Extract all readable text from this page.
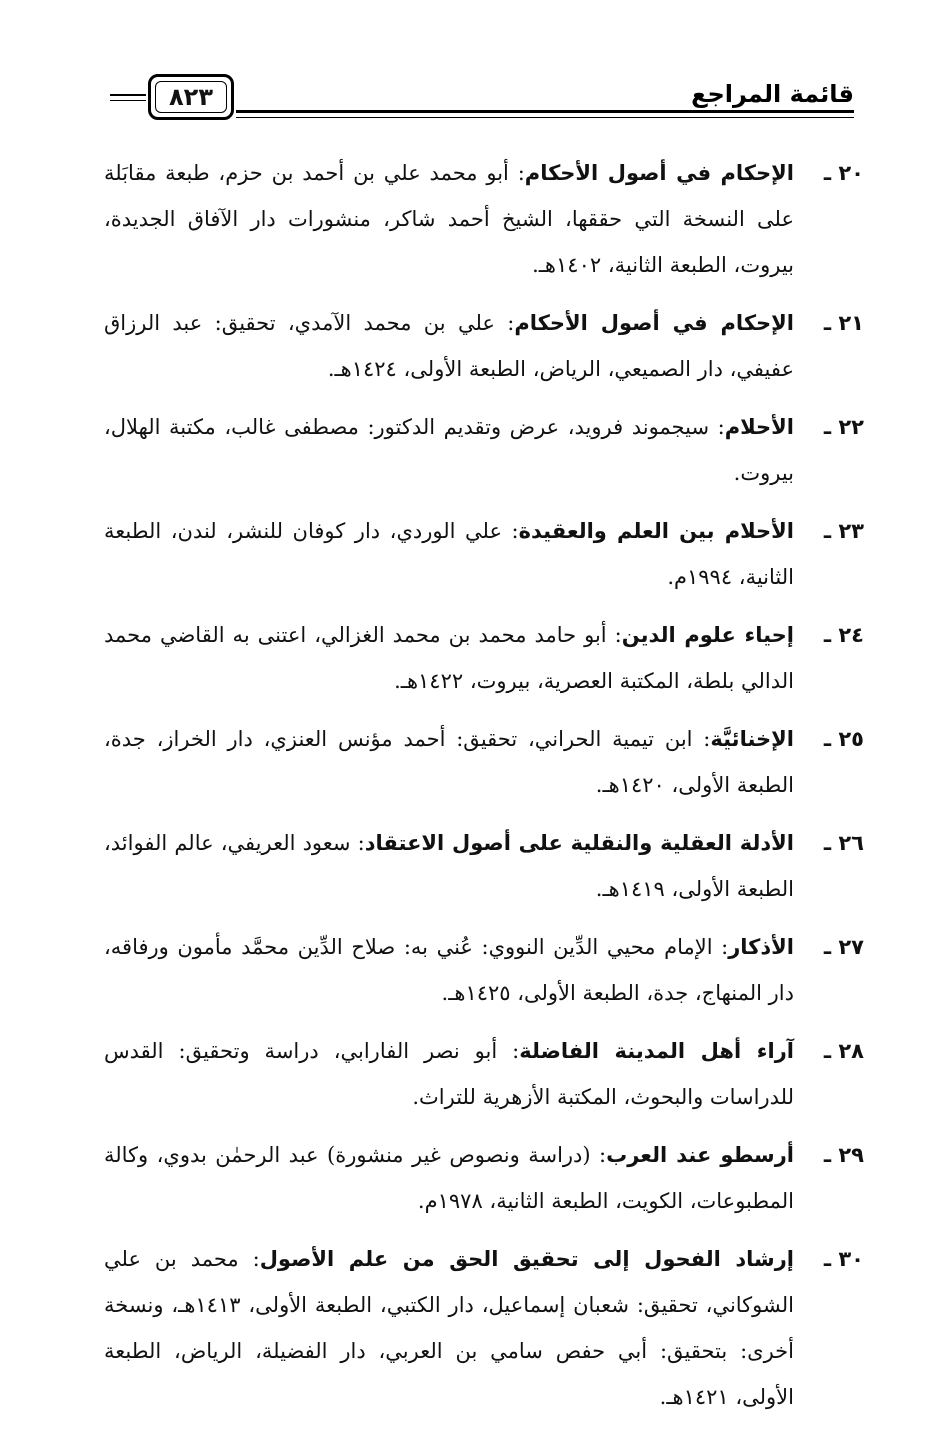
قائمة المراجع
٨٢٣
٢٠ ـ
الإحكام في أصول الأحكام: أبو محمد علي بن أحمد بن حزم، طبعة مقابَلة على النسخة التي حققها، الشيخ أحمد شاكر، منشورات دار الآفاق الجديدة، بيروت، الطبعة الثانية، ١٤٠٢هـ.
٢١ ـ
الإحكام في أصول الأحكام: علي بن محمد الآمدي، تحقيق: عبد الرزاق عفيفي، دار الصميعي، الرياض، الطبعة الأولى، ١٤٢٤هـ.
٢٢ ـ
الأحلام: سيجموند فرويد، عرض وتقديم الدكتور: مصطفى غالب، مكتبة الهلال، بيروت.
٢٣ ـ
الأحلام بين العلم والعقيدة: علي الوردي، دار كوفان للنشر، لندن، الطبعة الثانية، ١٩٩٤م.
٢٤ ـ
إحياء علوم الدين: أبو حامد محمد بن محمد الغزالي، اعتنى به القاضي محمد الدالي بلطة، المكتبة العصرية، بيروت، ١٤٢٢هـ.
٢٥ ـ
الإخنائيَّة: ابن تيمية الحراني، تحقيق: أحمد مؤنس العنزي، دار الخراز، جدة، الطبعة الأولى، ١٤٢٠هـ.
٢٦ ـ
الأدلة العقلية والنقلية على أصول الاعتقاد: سعود العريفي، عالم الفوائد، الطبعة الأولى، ١٤١٩هـ.
٢٧ ـ
الأذكار: الإمام محيي الدِّين النووي: عُني به: صلاح الدِّين محمَّد مأمون ورفاقه، دار المنهاج، جدة، الطبعة الأولى، ١٤٢٥هـ.
٢٨ ـ
آراء أهل المدينة الفاضلة: أبو نصر الفارابي، دراسة وتحقيق: القدس للدراسات والبحوث، المكتبة الأزهرية للتراث.
٢٩ ـ
أرسطو عند العرب: (دراسة ونصوص غير منشورة) عبد الرحمٰن بدوي، وكالة المطبوعات، الكويت، الطبعة الثانية، ١٩٧٨م.
٣٠ ـ
إرشاد الفحول إلى تحقيق الحق من علم الأصول: محمد بن علي الشوكاني، تحقيق: شعبان إسماعيل، دار الكتبي، الطبعة الأولى، ١٤١٣هـ، ونسخة أخرى: بتحقيق: أبي حفص سامي بن العربي، دار الفضيلة، الرياض، الطبعة الأولى، ١٤٢١هـ.
